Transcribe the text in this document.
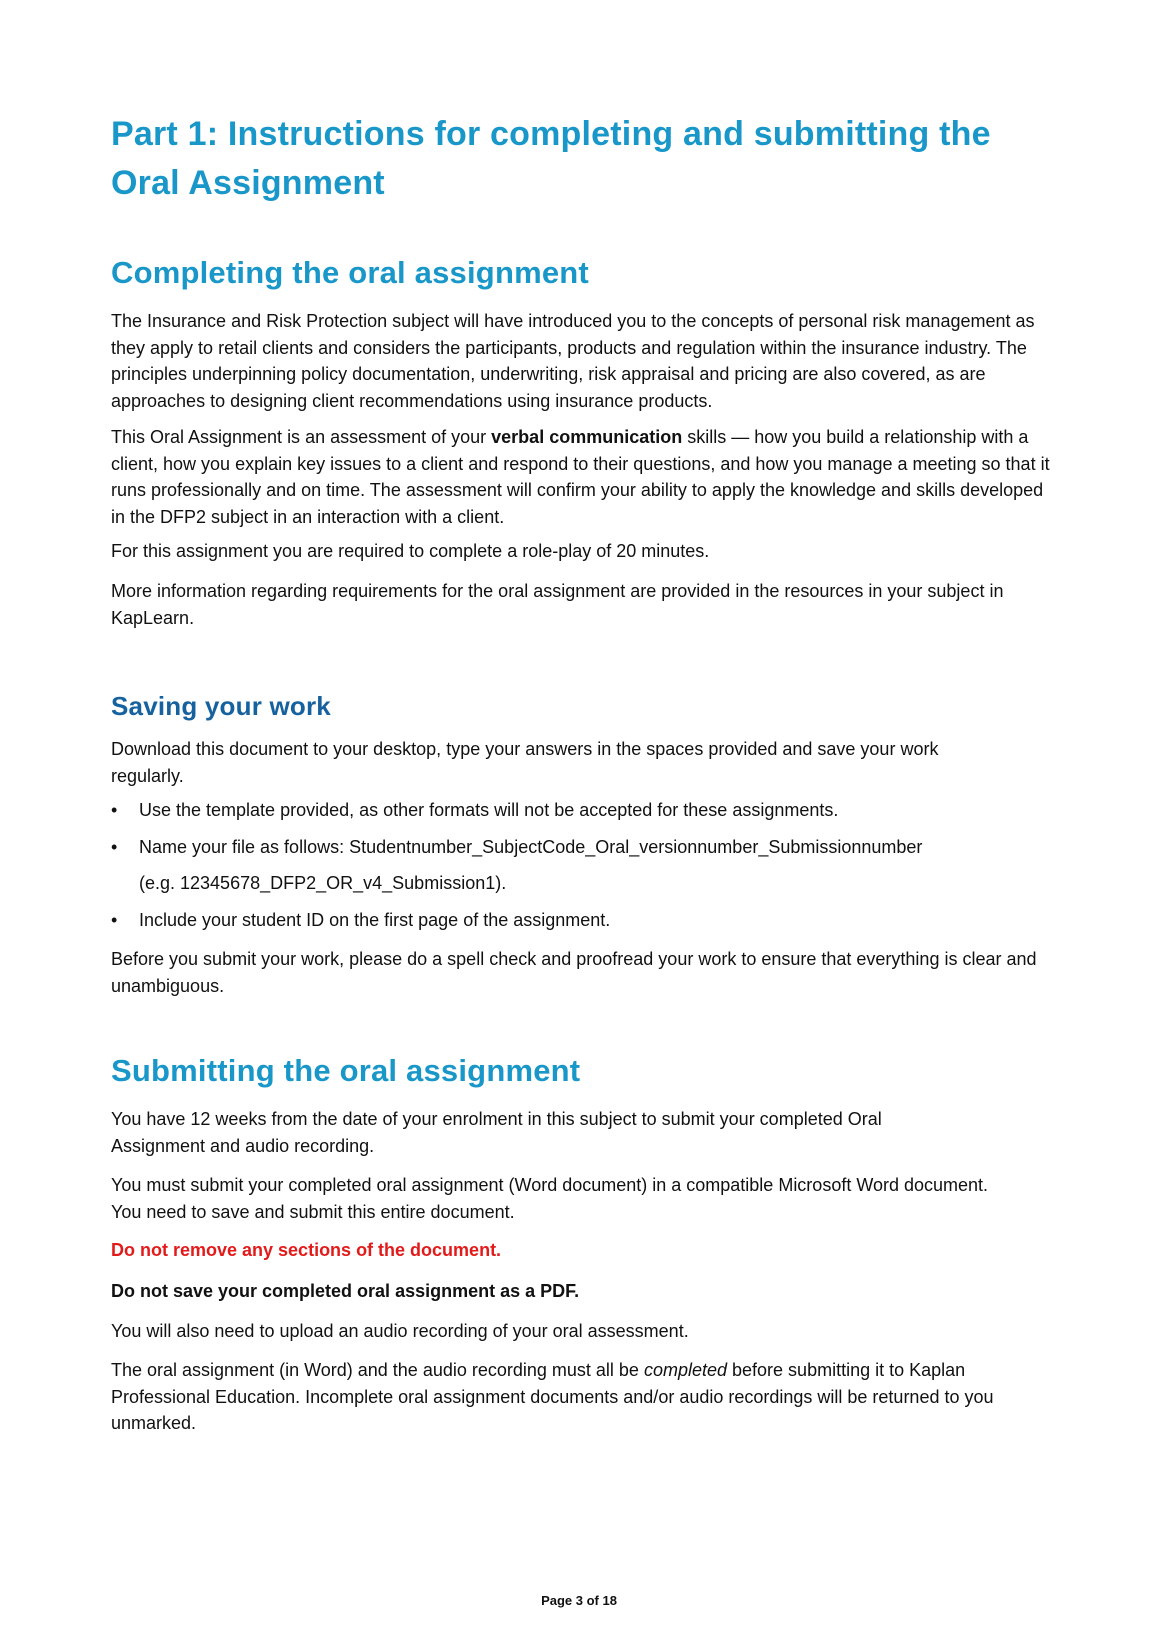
Part 1: Instructions for completing and submitting the Oral Assignment
Completing the oral assignment

The Insurance and Risk Protection subject will have introduced you to the concepts of personal risk management as they apply to retail clients and considers the participants, products and regulation within the insurance industry. The principles underpinning policy documentation, underwriting, risk appraisal and pricing are also covered, as are approaches to designing client recommendations using insurance products.

This Oral Assignment is an assessment of your verbal communication skills — how you build a relationship with a client, how you explain key issues to a client and respond to their questions, and how you manage a meeting so that it runs professionally and on time. The assessment will confirm your ability to apply the knowledge and skills developed in the DFP2 subject in an interaction with a client.

For this assignment you are required to complete a role-play of 20 minutes.

More information regarding requirements for the oral assignment are provided in the resources in your subject in KapLearn.

Saving your work

Download this document to your desktop, type your answers in the spaces provided and save your work regularly.

•	Use the template provided, as other formats will not be accepted for these assignments.
•	Name your file as follows: Studentnumber_SubjectCode_Oral_versionnumber_Submissionnumber

(e.g. 12345678_DFP2_OR_v4_Submission1).

•	Include your student ID on the first page of the assignment.

Before you submit your work, please do a spell check and proofread your work to ensure that everything is clear and unambiguous.

Submitting the oral assignment

You have 12 weeks from the date of your enrolment in this subject to submit your completed Oral Assignment and audio recording.

You must submit your completed oral assignment (Word document) in a compatible Microsoft Word document. You need to save and submit this entire document.

Do not remove any sections of the document.

Do not save your completed oral assignment as a PDF.

You will also need to upload an audio recording of your oral assessment.

The oral assignment (in Word) and the audio recording must all be completed before submitting it to Kaplan Professional Education. Incomplete oral assignment documents and/or audio recordings will be returned to you unmarked.

Page 3 of 18
